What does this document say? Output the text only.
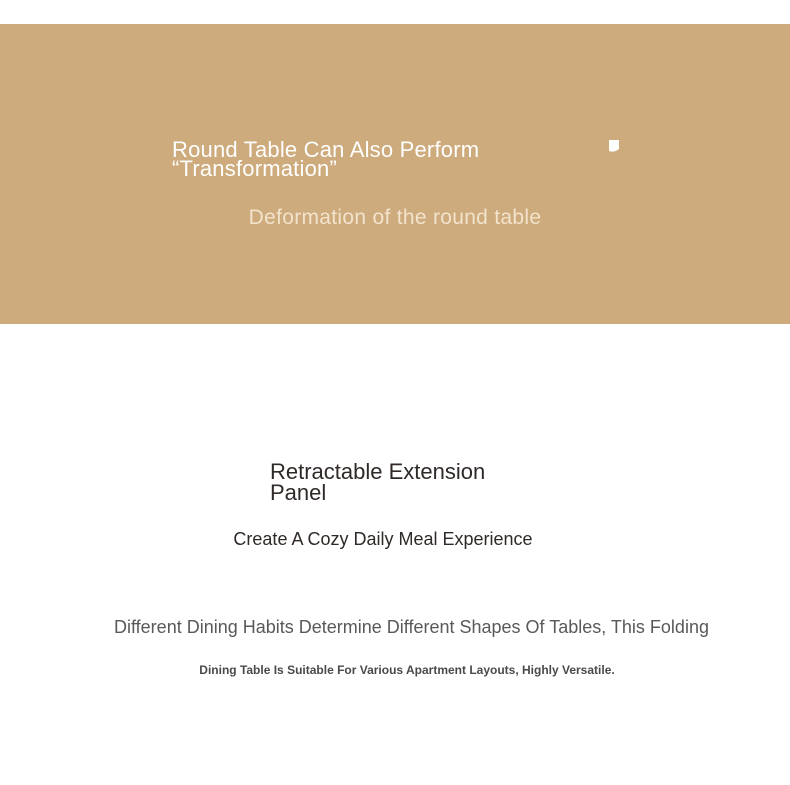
Round Table Can Also Perform
“Transformation”
Deformation of the round table
Retractable Extension
Panel
Create A Cozy Daily Meal Experience
Different Dining Habits Determine Different Shapes Of Tables, This Folding
Dining Table Is Suitable For Various Apartment Layouts, Highly Versatile.
